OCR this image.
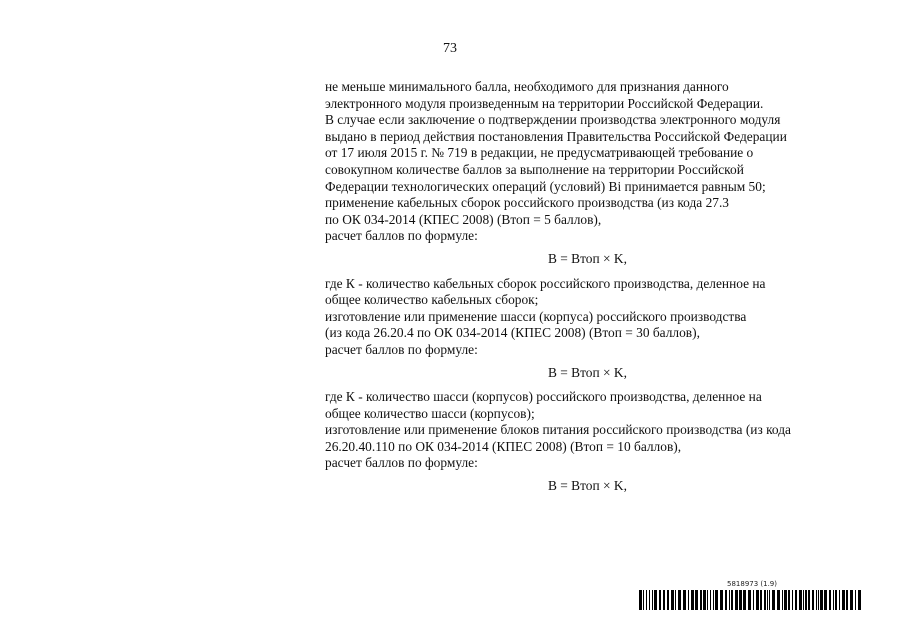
73
не меньше минимального балла, необходимого для признания данного
электронного модуля произведенным на территории Российской Федерации.
В случае если заключение о подтверждении производства электронного модуля
выдано в период действия постановления Правительства Российской Федерации
от 17 июля 2015 г. № 719 в редакции, не предусматривающей требование о
совокупном количестве баллов за выполнение на территории Российской
Федерации технологических операций (условий) Bi принимается равным 50;
применение кабельных сборок российского производства (из кода 27.3
по ОК 034-2014 (КПЕС 2008) (Втоп = 5 баллов),
расчет баллов по формуле:
B = Втоп × K,
где К - количество кабельных сборок российского производства, деленное на
общее количество кабельных сборок;
изготовление или применение шасси (корпуса) российского производства
(из кода 26.20.4 по ОК 034-2014 (КПЕС 2008) (Втоп = 30 баллов),
расчет баллов по формуле:
B = Втоп × K,
где К - количество шасси (корпусов) российского производства, деленное на
общее количество шасси (корпусов);
изготовление или применение блоков питания российского производства (из кода
26.20.40.110 по ОК 034-2014 (КПЕС 2008) (Втоп = 10 баллов),
расчет баллов по формуле:
B = Втоп × K,
5818973 (1.9)
